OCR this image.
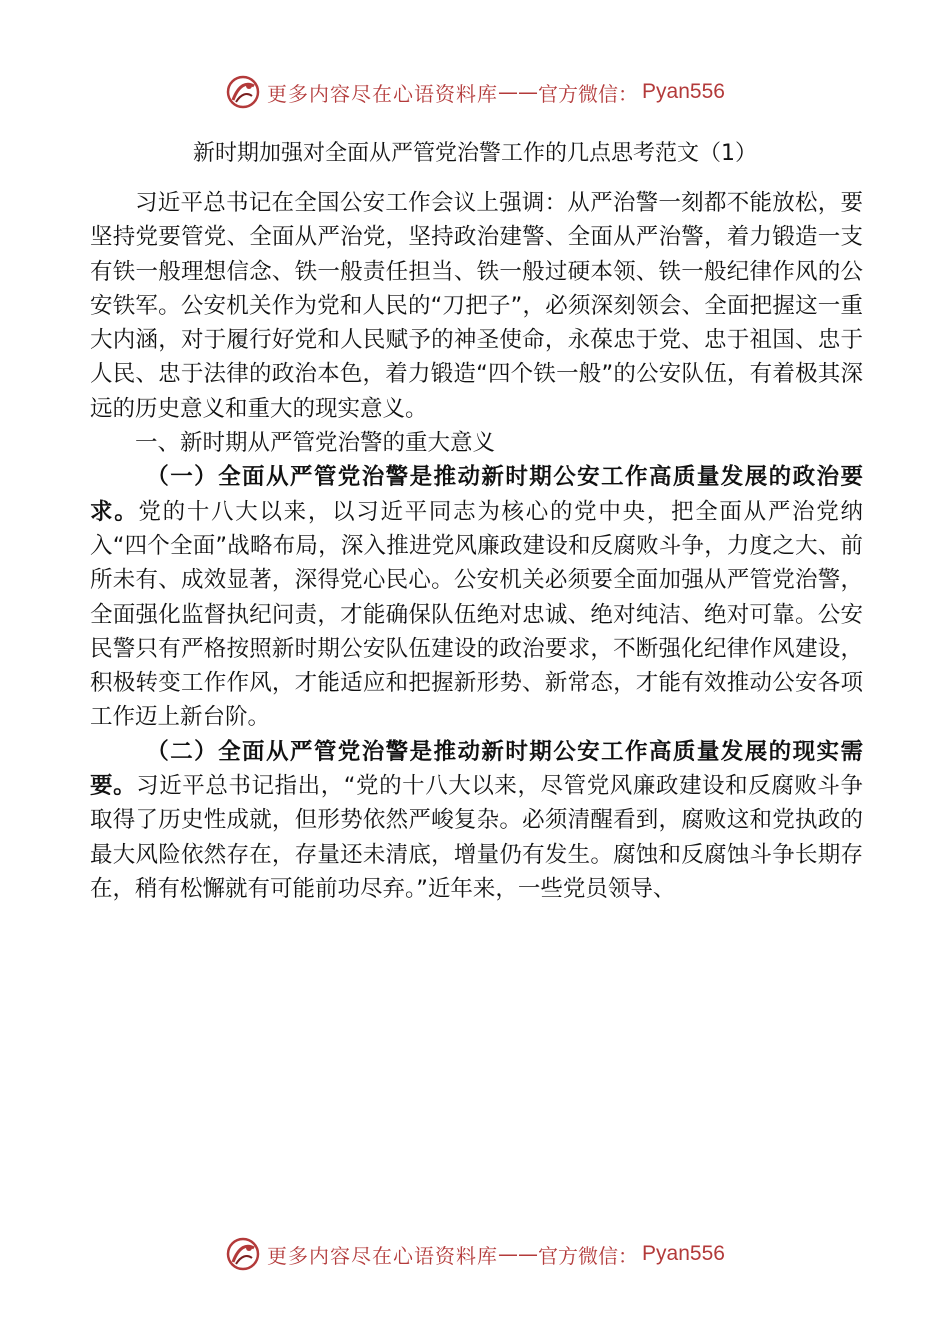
更多内容尽在心语资料库 —— 官方微信： Pyan556
新时期加强对全面从严管党治警工作的几点思考范文（1）

习近平总书记在全国公安工作会议上强调：从严治警一刻都不能放松，要坚持党要管党、全面从严治党，坚持政治建警、全面从严治警，着力锻造一支有铁一般理想信念、铁一般责任担当、铁一般过硬本领、铁一般纪律作风的公安铁军。公安机关作为党和人民的“刀把子”，必须深刻领会、全面把握这一重大内涵，对于履行好党和人民赋予的神圣使命，永葆忠于党、忠于祖国、忠于人民、忠于法律的政治本色，着力锻造“四个铁一般”的公安队伍，有着极其深远的历史意义和重大的现实意义。

一、新时期从严管党治警的重大意义

（一）全面从严管党治警是推动新时期公安工作高质量发展的政治要求。党的十八大以来，以习近平同志为核心的党中央，把全面从严治党纳入“四个全面”战略布局，深入推进党风廉政建设和反腐败斗争，力度之大、前所未有、成效显著，深得党心民心。公安机关必须要全面加强从严管党治警，全面强化监督执纪问责，才能确保队伍绝对忠诚、绝对纯洁、绝对可靠。公安民警只有严格按照新时期公安队伍建设的政治要求，不断强化纪律作风建设，积极转变工作作风，才能适应和把握新形势、新常态，才能有效推动公安各项工作迈上新台阶。

（二）全面从严管党治警是推动新时期公安工作高质量发展的现实需要。习近平总书记指出，“党的十八大以来，尽管党风廉政建设和反腐败斗争取得了历史性成就，但形势依然严峻复杂。必须清醒看到，腐败这和党执政的最大风险依然存在，存量还未清底，增量仍有发生。腐蚀和反腐蚀斗争长期存在，稍有松懈就有可能前功尽弃。”近年来，一些党员领导、

更多内容尽在心语资料库 —— 官方微信： Pyan556
